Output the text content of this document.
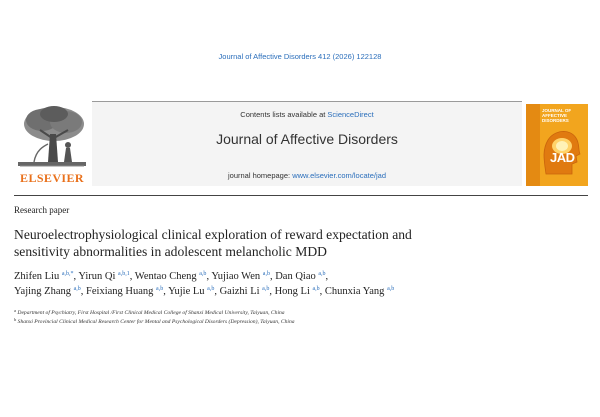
Journal of Affective Disorders 412 (2026) 122128
ELSEVIER
Contents lists available at ScienceDirect
Journal of Affective Disorders
journal homepage: www.elsevier.com/locate/jad
JOURNAL OF
AFFECTIVE DISORDERS
JAD
Research paper
Neuroelectrophysiological clinical exploration of reward expectation and
sensitivity abnormalities in adolescent melancholic MDD
Zhifen Liu $^{a,b,*}$, Yirun Qi $^{a,b,1}$, Wentao Cheng $^{a,b}$, Yujiao Wen $^{a,b}$, Dan Qiao $^{a,b}$,
Yajing Zhang $^{a,b}$, Feixiang Huang $^{a,b}$, Yujie Lu $^{a,b}$, Gaizhi Li $^{a,b}$, Hong Li $^{a,b}$, Chunxia Yang $^{a,b}$
$^a$ Department of Psychiatry, First Hospital /First Clinical Medical College of Shanxi Medical University, Taiyuan, China
$^b$ Shanxi Provincial Clinical Medical Research Center for Mental and Psychological Disorders (Depression), Taiyuan, China
